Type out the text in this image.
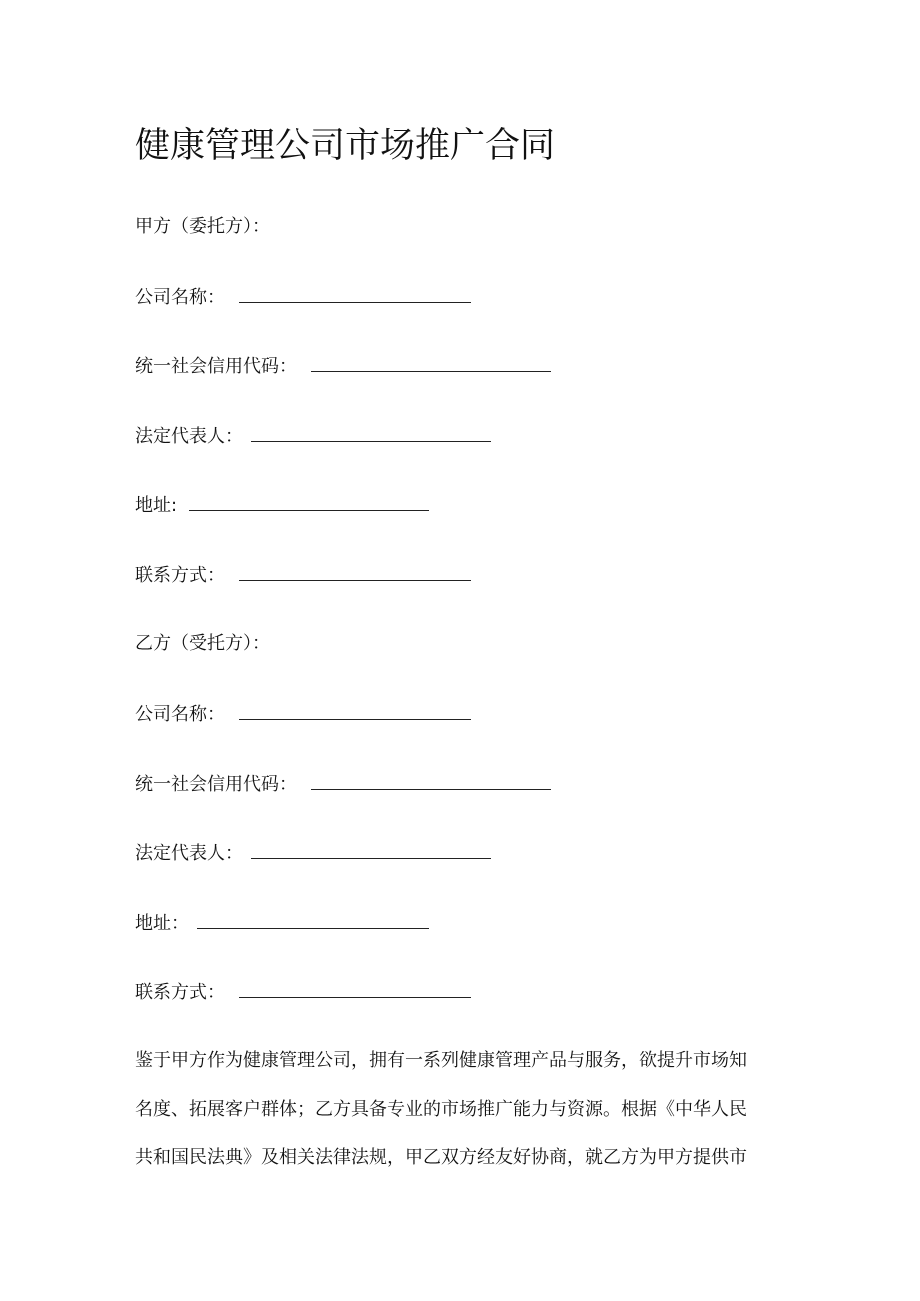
健康管理公司市场推广合同
甲方（委托方）：
公司名称：
统一社会信用代码：
法定代表人：
地址:
联系方式：
乙方（受托方）：
公司名称：
统一社会信用代码：
法定代表人：
地址：
联系方式：
鉴于甲方作为健康管理公司，拥有一系列健康管理产品与服务，欲提升市场知
名度、拓展客户群体；乙方具备专业的市场推广能力与资源。根据《中华人民
共和国民法典》及相关法律法规，甲乙双方经友好协商，就乙方为甲方提供市
